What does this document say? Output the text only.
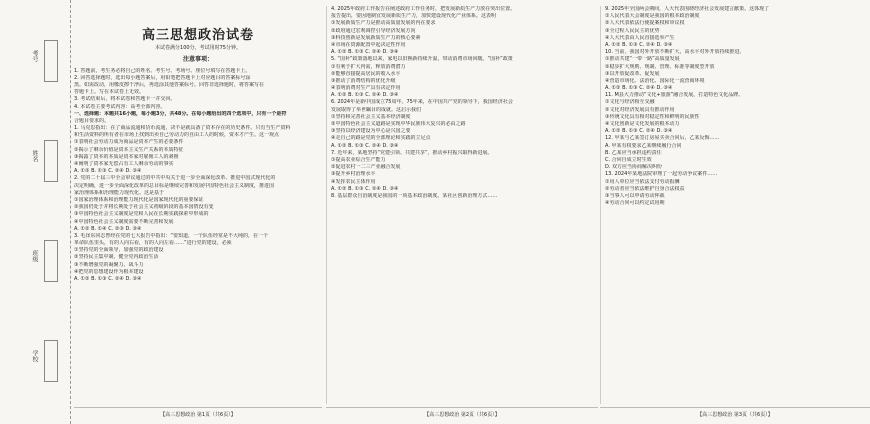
考号
姓名
班级
学校
高三思想政治试卷
本试卷满分100分，考试用时75分钟。
注意事项：
1. 答题前，考生务必将自己的姓名、考生号、考场号、座位号填写在答题卡上。
2. 回答选择题时，选出每小题答案后，用铅笔把答题卡上对应题目的答案标号涂
黑。如需改动，用橡皮擦干净后，再选涂其他答案标号。回答非选择题时，将答案写在
答题卡上。写在本试卷上无效。
3. 考试结束后，将本试卷和答题卡一并交回。
4. 本试卷主要考试内容：高考全部内容。
一、选择题：本题共16小题，每小题3分，共48分。在每小题给出的四个选项中，只有一个是符
合题目要求的。
1. 马克思指出：在了商品流通和货币流通，决不是就具备了资本存在的历史条件。只有当生产资料
和生活资料的所有者在市场上找到出卖自己劳动力的自由工人的时候，资本才产生。这一观点
①表明社会劳动力成为商品是资本产生的必要条件
②揭示了剩余价值是资本主义生产关系的本质特征
③揭露了资本的本质是资本家对雇佣工人的剥削
④阐明了资本家无偿占有工人剩余劳动的事实
A. ①② B. ①③ C. ②④ D. ③④
2. 党的二十届三中全会审议通过的中共中央关于进一步全面深化改革、推进中国式现代化的
决定明确，进一步全面深化改革的总目标是继续完善和发展中国特色社会主义制度，推进国
家治理体系和治理能力现代化。这是基于
①国家治理体系和治理能力现代化是国家现代化的重要保证
②我国仍处于并将长期处于社会主义初级阶段的基本国情没有变
③中国特色社会主义制度是党和人民在长期实践探索中形成的
④中国特色社会主义制度需要不断完善和发展
A. ①② B. ①④ C. ②③ D. ③④
3. 毛泽东同志曾经在党的七大报告中指出：“要知道，一个队伍经常是不大纯的，在一个
革命队伍里头，有的人向右看，有的人向左看……”进行党的建设，必须
①坚持党的全面领导，加强党的政治建设
②坚持民主集中制，健全党内政治生活
③不断增强党的凝聚力、战斗力
④把党的思想建设作为根本建设
A. ①② B. ①③ C. ②④ D. ③④
4. 2025年政府工作报告在阐述政府工作任务时，把发展新质生产力放在突出位置。
报告提出，要因地制宜发展新质生产力，加快建设现代化产业体系。这表明
①发展新质生产力是推动高质量发展的内在要求
②政府通过宏观调控引导经济发展方向
③科技创新是发展新质生产力的核心要素
④市场在资源配置中起决定性作用
A. ①② B. ①③ C. ②④ D. ③④
5. “国补”政策落地以来，家电以旧换新持续升温，带动消费市场回暖。“国补”政策
①有利于扩大内需，释放消费潜力
②能够直接提高居民的收入水平
③推动了消费结构的优化升级
④表明消费对生产具有决定作用
A. ①② B. ①③ C. ②④ D. ③④
6. 2024年是新中国成立75周年。75年来，在中国共产党的领导下，我国经济社会
发展取得了举世瞩目的成就。这启示我们
①坚持和完善社会主义基本经济制度
②中国特色社会主义道路是实现中华民族伟大复兴的必由之路
③坚持以经济建设为中心是兴国之要
④走自己的路是党的全部理论和实践的立足点
A. ①② B. ①③ C. ②④ D. ③④
7. 近年来，某地坚持“党建引领、共建共享”，推动乡村振兴取得新进展。
①提高农业综合生产能力
②促进农村一二三产业融合发展
③提升乡村治理水平
④发挥农民主体作用
A. ①② B. ①③ C. ②④ D. ③④
8. 基层群众自治制度是我国的一项基本政治制度。某社区创新治理方式……
9. 2025年全国两会期间，人大代表围绕经济社会发展建言献策。这体现了
①人民代表大会制度是我国的根本政治制度
②人大代表依法行使提案权和审议权
③全过程人民民主的优势
④人大代表由人民直接选举产生
A. ①② B. ①③ C. ②④ D. ③④
10. 当前，我国对外开放不断扩大，高水平对外开放持续推进。
①推动共建“一带一路”高质量发展
②稳步扩大规则、规制、管理、标准等制度型开放
③以开放促改革、促发展
④营造市场化、法治化、国际化一流营商环境
A. ①② B. ①③ C. ②④ D. ③④
11. M县大力推动“文化+旅游”融合发展，打造特色文化品牌。
①文化与经济相互交融
②文化对经济发展具有推动作用
③传统文化具有相对稳定性和鲜明的民族性
④文化创新是文化发展的根本动力
A. ①② B. ①③ C. ②④ D. ③④
12. 甲某与乙某签订房屋买卖合同后，乙某反悔……
A. 甲某有权要求乙某继续履行合同
B. 乙某应当承担违约责任
C. 合同自成立时生效
D. 双方应当协商解决纠纷
13. 2024年某地法院审理了一起劳动争议案件……
①用人单位应当依法支付劳动报酬
②劳动者应当依法维护自身合法权益
③当事人可以申请劳动仲裁
④劳动合同可以约定试用期
【高三思想政治 第1页（共6页）】	【高三思想政治 第2页（共6页）】	【高三思想政治 第3页（共6页）】
